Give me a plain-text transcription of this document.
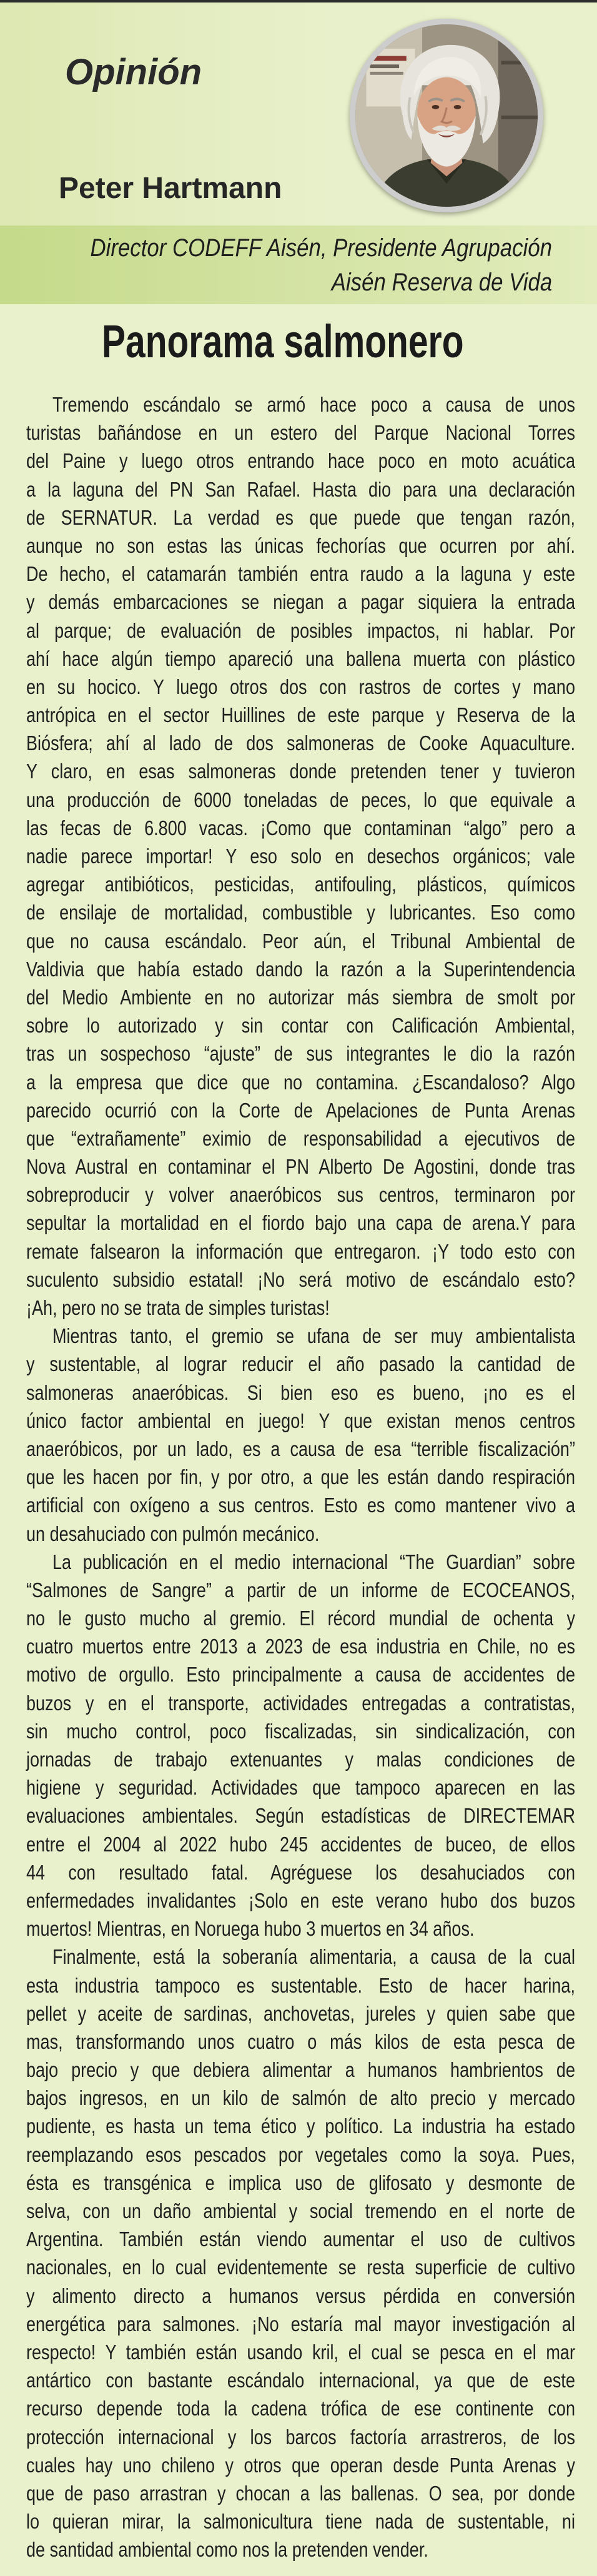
Opinión
Peter Hartmann
Director CODEFF Aisén, Presidente Agrupación
Aisén Reserva de Vida
Panorama salmonero
Tremendo escándalo se armó hace poco a causa de unos
turistas bañándose en un estero del Parque Nacional Torres
del Paine y luego otros entrando hace poco en moto acuática
a la laguna del PN San Rafael. Hasta dio para una declaración
de SERNATUR. La verdad es que puede que tengan razón,
aunque no son estas las únicas fechorías que ocurren por ahí.
De hecho, el catamarán también entra raudo a la laguna y este
y demás embarcaciones se niegan a pagar siquiera la entrada
al parque; de evaluación de posibles impactos, ni hablar. Por
ahí hace algún tiempo apareció una ballena muerta con plástico
en su hocico. Y luego otros dos con rastros de cortes y mano
antrópica en el sector Huillines de este parque y Reserva de la
Biósfera; ahí al lado de dos salmoneras de Cooke Aquaculture.
Y claro, en esas salmoneras donde pretenden tener y tuvieron
una producción de 6000 toneladas de peces, lo que equivale a
las fecas de 6.800 vacas. ¡Como que contaminan “algo” pero a
nadie parece importar! Y eso solo en desechos orgánicos; vale
agregar antibióticos, pesticidas, antifouling, plásticos, químicos
de ensilaje de mortalidad, combustible y lubricantes. Eso como
que no causa escándalo. Peor aún, el Tribunal Ambiental de
Valdivia que había estado dando la razón a la Superintendencia
del Medio Ambiente en no autorizar más siembra de smolt por
sobre lo autorizado y sin contar con Calificación Ambiental,
tras un sospechoso “ajuste” de sus integrantes le dio la razón
a la empresa que dice que no contamina. ¿Escandaloso? Algo
parecido ocurrió con la Corte de Apelaciones de Punta Arenas
que “extrañamente” eximio de responsabilidad a ejecutivos de
Nova Austral en contaminar el PN Alberto De Agostini, donde tras
sobreproducir y volver anaeróbicos sus centros, terminaron por
sepultar la mortalidad en el fiordo bajo una capa de arena.Y para
remate falsearon la información que entregaron. ¡Y todo esto con
suculento subsidio estatal! ¡No será motivo de escándalo esto?
¡Ah, pero no se trata de simples turistas!
Mientras tanto, el gremio se ufana de ser muy ambientalista
y sustentable, al lograr reducir el año pasado la cantidad de
salmoneras anaeróbicas. Si bien eso es bueno, ¡no es el
único factor ambiental en juego! Y que existan menos centros
anaeróbicos, por un lado, es a causa de esa “terrible fiscalización”
que les hacen por fin, y por otro, a que les están dando respiración
artificial con oxígeno a sus centros. Esto es como mantener vivo a
un desahuciado con pulmón mecánico.
La publicación en el medio internacional “The Guardian” sobre
“Salmones de Sangre” a partir de un informe de ECOCEANOS,
no le gusto mucho al gremio. El récord mundial de ochenta y
cuatro muertos entre 2013 a 2023 de esa industria en Chile, no es
motivo de orgullo. Esto principalmente a causa de accidentes de
buzos y en el transporte, actividades entregadas a contratistas,
sin mucho control, poco fiscalizadas, sin sindicalización, con
jornadas de trabajo extenuantes y malas condiciones de
higiene y seguridad. Actividades que tampoco aparecen en las
evaluaciones ambientales. Según estadísticas de DIRECTEMAR
entre el 2004 al 2022 hubo 245 accidentes de buceo, de ellos
44 con resultado fatal. Agréguese los desahuciados con
enfermedades invalidantes ¡Solo en este verano hubo dos buzos
muertos! Mientras, en Noruega hubo 3 muertos en 34 años.
Finalmente, está la soberanía alimentaria, a causa de la cual
esta industria tampoco es sustentable. Esto de hacer harina,
pellet y aceite de sardinas, anchovetas, jureles y quien sabe que
mas, transformando unos cuatro o más kilos de esta pesca de
bajo precio y que debiera alimentar a humanos hambrientos de
bajos ingresos, en un kilo de salmón de alto precio y mercado
pudiente, es hasta un tema ético y político. La industria ha estado
reemplazando esos pescados por vegetales como la soya. Pues,
ésta es transgénica e implica uso de glifosato y desmonte de
selva, con un daño ambiental y social tremendo en el norte de
Argentina. También están viendo aumentar el uso de cultivos
nacionales, en lo cual evidentemente se resta superficie de cultivo
y alimento directo a humanos versus pérdida en conversión
energética para salmones. ¡No estaría mal mayor investigación al
respecto! Y también están usando kril, el cual se pesca en el mar
antártico con bastante escándalo internacional, ya que de este
recurso depende toda la cadena trófica de ese continente con
protección internacional y los barcos factoría arrastreros, de los
cuales hay uno chileno y otros que operan desde Punta Arenas y
que de paso arrastran y chocan a las ballenas. O sea, por donde
lo quieran mirar, la salmonicultura tiene nada de sustentable, ni
de santidad ambiental como nos la pretenden vender.
